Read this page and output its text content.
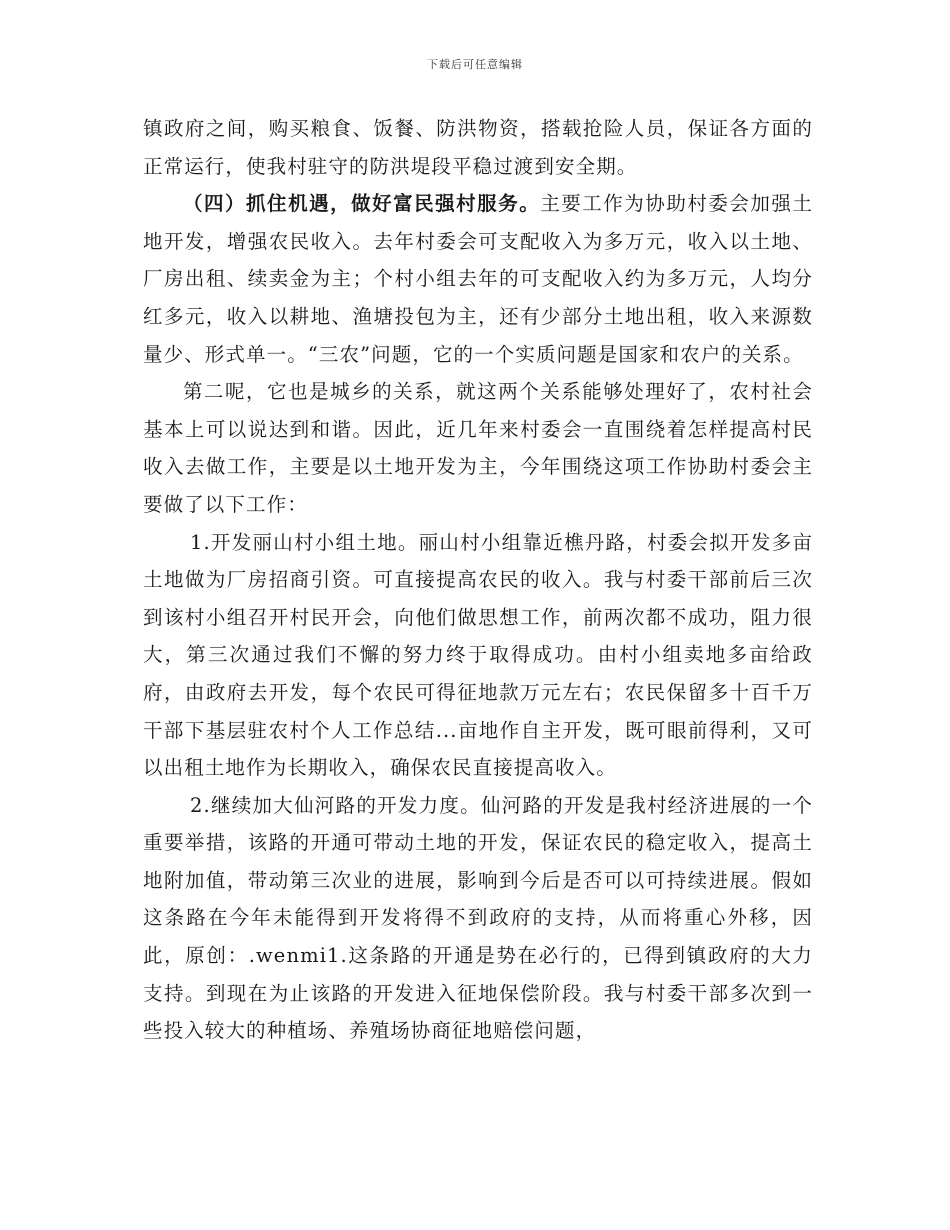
下载后可任意编辑

镇政府之间，购买粮食、饭餐、防洪物资，搭载抢险人员，保证各方面的正常运行，使我村驻守的防洪堤段平稳过渡到安全期。

（四）抓住机遇，做好富民强村服务。主要工作为协助村委会加强土地开发，增强农民收入。去年村委会可支配收入为多万元，收入以土地、厂房出租、续卖金为主；个村小组去年的可支配收入约为多万元，人均分红多元，收入以耕地、渔塘投包为主，还有少部分土地出租，收入来源数量少、形式单一。“三农”问题，它的一个实质问题是国家和农户的关系。

第二呢，它也是城乡的关系，就这两个关系能够处理好了，农村社会基本上可以说达到和谐。因此，近几年来村委会一直围绕着怎样提高村民收入去做工作，主要是以土地开发为主，今年围绕这项工作协助村委会主要做了以下工作：

1.开发丽山村小组土地。丽山村小组靠近樵丹路，村委会拟开发多亩土地做为厂房招商引资。可直接提高农民的收入。我与村委干部前后三次到该村小组召开村民开会，向他们做思想工作，前两次都不成功，阻力很大，第三次通过我们不懈的努力终于取得成功。由村小组卖地多亩给政府，由政府去开发，每个农民可得征地款万元左右；农民保留多十百千万干部下基层驻农村个人工作总结...亩地作自主开发，既可眼前得利，又可以出租土地作为长期收入，确保农民直接提高收入。

2.继续加大仙河路的开发力度。仙河路的开发是我村经济进展的一个重要举措，该路的开通可带动土地的开发，保证农民的稳定收入，提高土地附加值，带动第三次业的进展，影响到今后是否可以可持续进展。假如这条路在今年未能得到开发将得不到政府的支持，从而将重心外移，因此，原创：.wenmi1.这条路的开通是势在必行的，已得到镇政府的大力支持。到现在为止该路的开发进入征地保偿阶段。我与村委干部多次到一些投入较大的种植场、养殖场协商征地赔偿问题，
